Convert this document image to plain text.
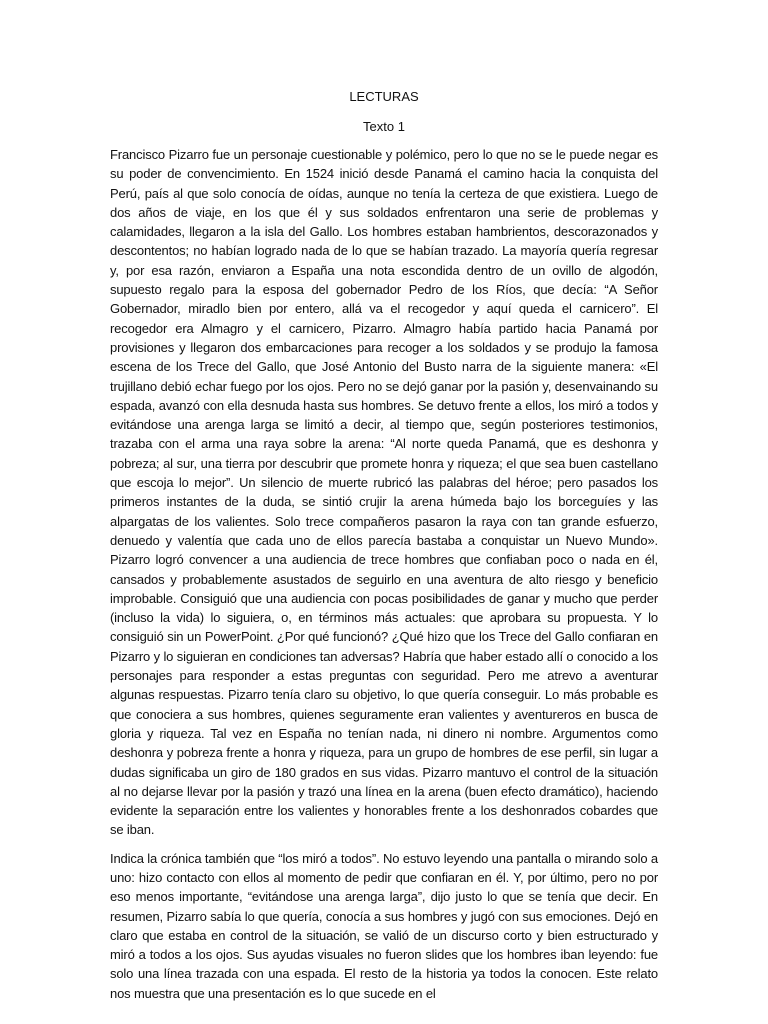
LECTURAS

Texto 1

Francisco Pizarro fue un personaje cuestionable y polémico, pero lo que no se le puede negar es su poder de convencimiento. En 1524 inició desde Panamá el camino hacia la conquista del Perú, país al que solo conocía de oídas, aunque no tenía la certeza de que existiera. Luego de dos años de viaje, en los que él y sus soldados enfrentaron una serie de problemas y calamidades, llegaron a la isla del Gallo. Los hombres estaban hambrientos, descorazonados y descontentos; no habían logrado nada de lo que se habían trazado. La mayoría quería regresar y, por esa razón, enviaron a España una nota escondida dentro de un ovillo de algodón, supuesto regalo para la esposa del gobernador Pedro de los Ríos, que decía: “A Señor Gobernador, miradlo bien por entero, allá va el recogedor y aquí queda el carnicero”. El recogedor era Almagro y el carnicero, Pizarro. Almagro había partido hacia Panamá por provisiones y llegaron dos embarcaciones para recoger a los soldados y se produjo la famosa escena de los Trece del Gallo, que José Antonio del Busto narra de la siguiente manera: «El trujillano debió echar fuego por los ojos. Pero no se dejó ganar por la pasión y, desenvainando su espada, avanzó con ella desnuda hasta sus hombres. Se detuvo frente a ellos, los miró a todos y evitándose una arenga larga se limitó a decir, al tiempo que, según posteriores testimonios, trazaba con el arma una raya sobre la arena: “Al norte queda Panamá, que es deshonra y pobreza; al sur, una tierra por descubrir que promete honra y riqueza; el que sea buen castellano que escoja lo mejor”. Un silencio de muerte rubricó las palabras del héroe; pero pasados los primeros instantes de la duda, se sintió crujir la arena húmeda bajo los borceguíes y las alpargatas de los valientes. Solo trece compañeros pasaron la raya con tan grande esfuerzo, denuedo y valentía que cada uno de ellos parecía bastaba a conquistar un Nuevo Mundo». Pizarro logró convencer a una audiencia de trece hombres que confiaban poco o nada en él, cansados y probablemente asustados de seguirlo en una aventura de alto riesgo y beneficio improbable. Consiguió que una audiencia con pocas posibilidades de ganar y mucho que perder (incluso la vida) lo siguiera, o, en términos más actuales: que aprobara su propuesta. Y lo consiguió sin un PowerPoint. ¿Por qué funcionó? ¿Qué hizo que los Trece del Gallo confiaran en Pizarro y lo siguieran en condiciones tan adversas? Habría que haber estado allí o conocido a los personajes para responder a estas preguntas con seguridad. Pero me atrevo a aventurar algunas respuestas. Pizarro tenía claro su objetivo, lo que quería conseguir. Lo más probable es que conociera a sus hombres, quienes seguramente eran valientes y aventureros en busca de gloria y riqueza. Tal vez en España no tenían nada, ni dinero ni nombre. Argumentos como deshonra y pobreza frente a honra y riqueza, para un grupo de hombres de ese perfil, sin lugar a dudas significaba un giro de 180 grados en sus vidas. Pizarro mantuvo el control de la situación al no dejarse llevar por la pasión y trazó una línea en la arena (buen efecto dramático), haciendo evidente la separación entre los valientes y honorables frente a los deshonrados cobardes que se iban.

Indica la crónica también que “los miró a todos”. No estuvo leyendo una pantalla o mirando solo a uno: hizo contacto con ellos al momento de pedir que confiaran en él. Y, por último, pero no por eso menos importante, “evitándose una arenga larga”, dijo justo lo que se tenía que decir. En resumen, Pizarro sabía lo que quería, conocía a sus hombres y jugó con sus emociones. Dejó en claro que estaba en control de la situación, se valió de un discurso corto y bien estructurado y miró a todos a los ojos. Sus ayudas visuales no fueron slides que los hombres iban leyendo: fue solo una línea trazada con una espada. El resto de la historia ya todos la conocen. Este relato nos muestra que una presentación es lo que sucede en el
